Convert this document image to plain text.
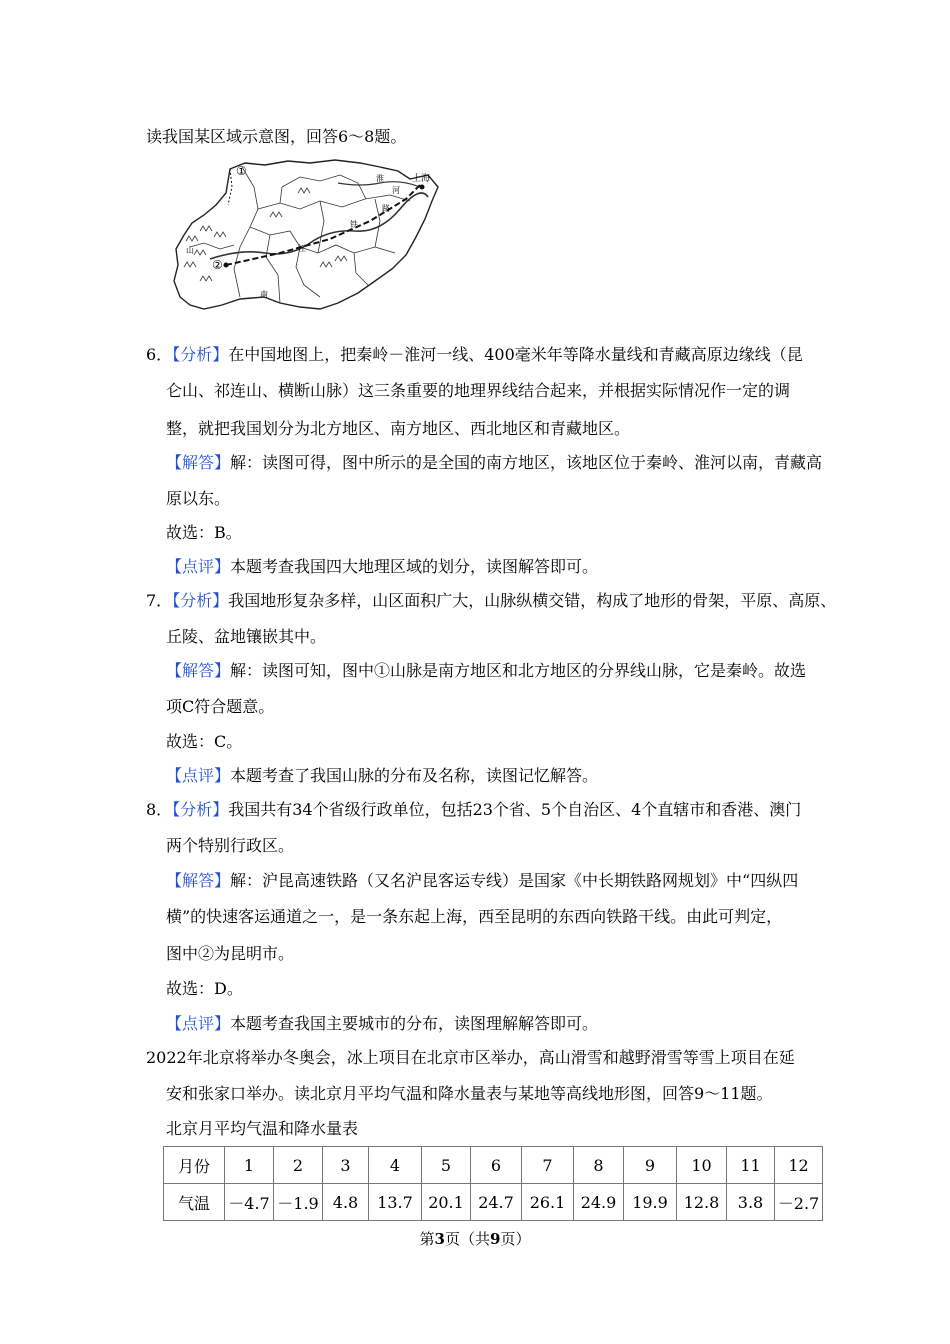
读我国某区域示意图，回答6～8题。
①
②
上海
淮
河
铁
路
江
南
山
6．【分析】在中国地图上，把秦岭－淮河一线、400毫米年等降水量线和青藏高原边缘线（昆
仑山、祁连山、横断山脉）这三条重要的地理界线结合起来，并根据实际情况作一定的调
整，就把我国划分为北方地区、南方地区、西北地区和青藏地区。
【解答】解：读图可得，图中所示的是全国的南方地区，该地区位于秦岭、淮河以南，青藏高
原以东。
故选：B。
【点评】本题考查我国四大地理区域的划分，读图解答即可。
7．【分析】我国地形复杂多样，山区面积广大，山脉纵横交错，构成了地形的骨架，平原、高原、
丘陵、盆地镶嵌其中。
【解答】解：读图可知，图中①山脉是南方地区和北方地区的分界线山脉，它是秦岭。故选
项C符合题意。
故选：C。
【点评】本题考查了我国山脉的分布及名称，读图记忆解答。
8．【分析】我国共有34个省级行政单位，包括23个省、5个自治区、4个直辖市和香港、澳门
两个特别行政区。
【解答】解：沪昆高速铁路（又名沪昆客运专线）是国家《中长期铁路网规划》中“四纵四
横”的快速客运通道之一，是一条东起上海，西至昆明的东西向铁路干线。由此可判定，
图中②为昆明市。
故选：D。
【点评】本题考查我国主要城市的分布，读图理解解答即可。
2022年北京将举办冬奥会，冰上项目在北京市区举办，高山滑雪和越野滑雪等雪上项目在延
安和张家口举办。读北京月平均气温和降水量表与某地等高线地形图，回答9～11题。
北京月平均气温和降水量表
月份	1	2	3	4	5	6	7	8	9	10	11	12
气温	－4.7	－1.9	4.8	13.7	20.1	24.7	26.1	24.9	19.9	12.8	3.8	－2.7
第3页（共9页）
